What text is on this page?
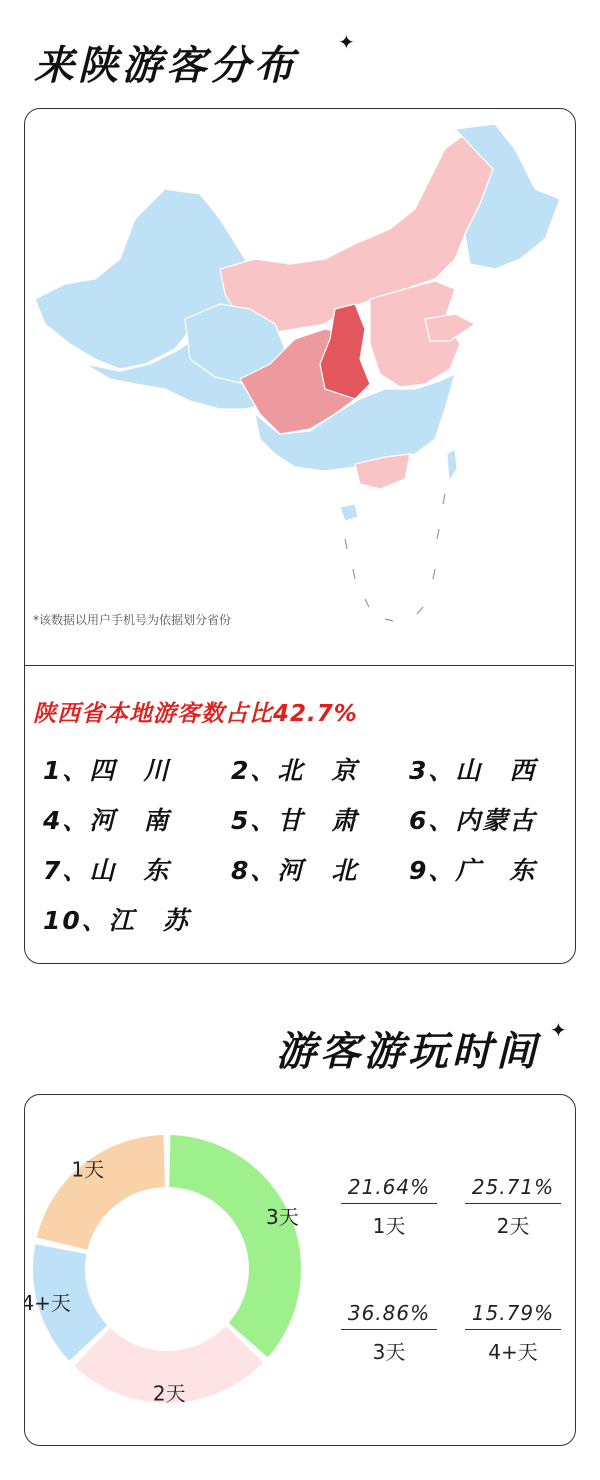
来陕游客分布
✦
*该数据以用户手机号为依据划分省份
陕西省本地游客数占比42.7%
1、四　川	2、北　京	3、山　西
4、河　南	5、甘　肃	6、内蒙古
7、山　东	8、河　北	9、广　东
10、江　苏
游客游玩时间 ✦
3天
2天
4+天
1天
21.64%
1天
25.71%
2天
36.86%
3天
15.79%
4+天
